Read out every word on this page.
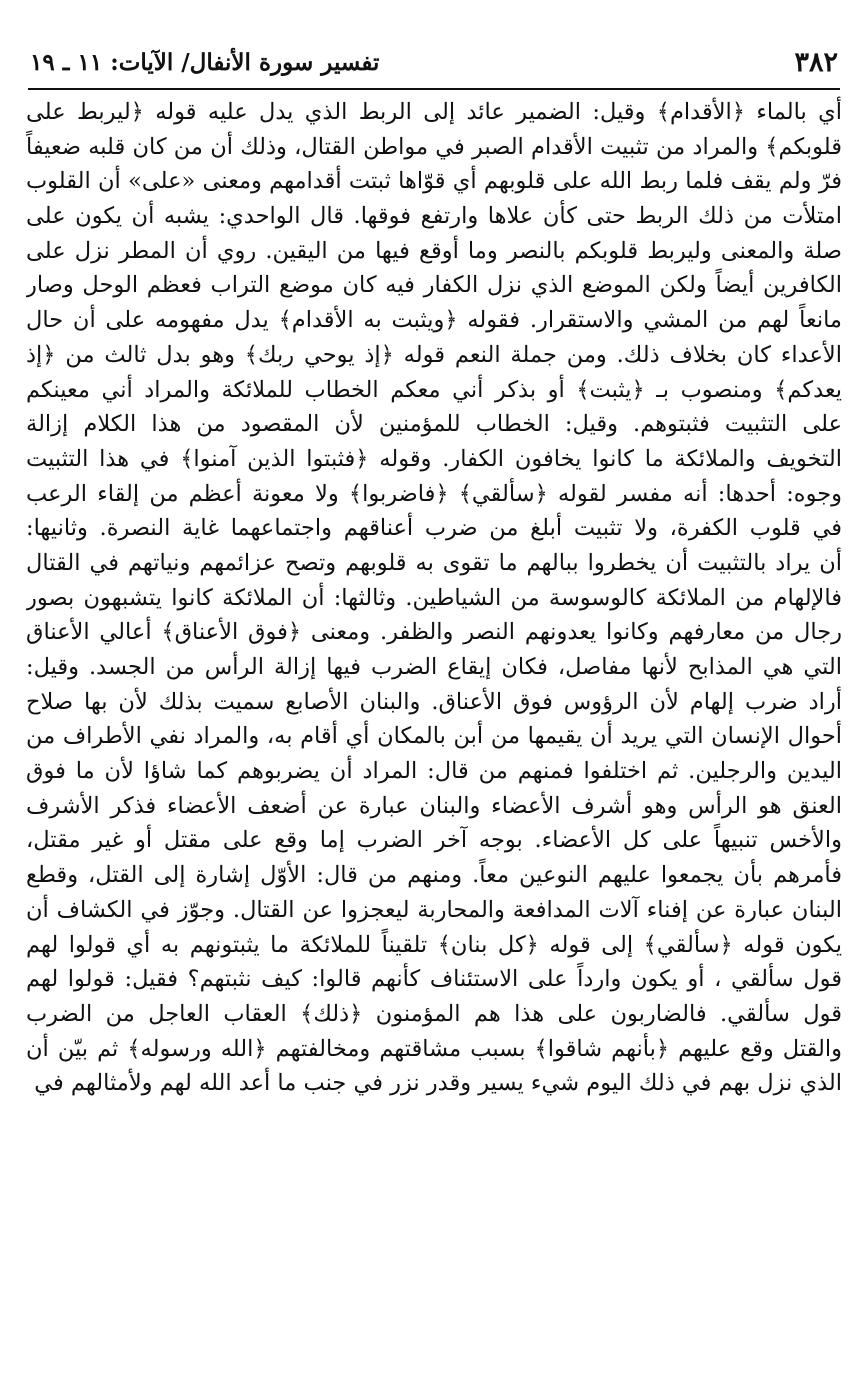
٣٨٢
تفسير سورة الأنفال/ الآيات: ١١ ـ ١٩
أي بالماء ﴿الأقدام﴾ وقيل: الضمير عائد إلى الربط الذي يدل عليه قوله ﴿ليربط على
قلوبكم﴾ والمراد من تثبيت الأقدام الصبر في مواطن القتال، وذلك أن من كان قلبه ضعيفاً
فرّ ولم يقف فلما ربط الله على قلوبهم أي قوّاها ثبتت أقدامهم ومعنى «على» أن القلوب
امتلأت من ذلك الربط حتى كأن علاها وارتفع فوقها. قال الواحدي: يشبه أن يكون على
صلة والمعنى وليربط قلوبكم بالنصر وما أوقع فيها من اليقين. روي أن المطر نزل على
الكافرين أيضاً ولكن الموضع الذي نزل الكفار فيه كان موضع التراب فعظم الوحل وصار
مانعاً لهم من المشي والاستقرار. فقوله ﴿ويثبت به الأقدام﴾ يدل مفهومه على أن حال
الأعداء كان بخلاف ذلك. ومن جملة النعم قوله ﴿إذ يوحي ربك﴾ وهو بدل ثالث من ﴿إذ
يعدكم﴾ ومنصوب بـ ﴿يثبت﴾ أو بذكر أني معكم الخطاب للملائكة والمراد أني معينكم
على التثبيت فثبتوهم. وقيل: الخطاب للمؤمنين لأن المقصود من هذا الكلام إزالة
التخويف والملائكة ما كانوا يخافون الكفار. وقوله ﴿فثبتوا الذين آمنوا﴾ في هذا التثبيت
وجوه: أحدها: أنه مفسر لقوله ﴿سألقي﴾ ﴿فاضربوا﴾ ولا معونة أعظم من إلقاء الرعب
في قلوب الكفرة، ولا تثبيت أبلغ من ضرب أعناقهم واجتماعهما غاية النصرة. وثانيها:
أن يراد بالتثبيت أن يخطروا ببالهم ما تقوى به قلوبهم وتصح عزائمهم ونياتهم في القتال
فالإلهام من الملائكة كالوسوسة من الشياطين. وثالثها: أن الملائكة كانوا يتشبهون بصور
رجال من معارفهم وكانوا يعدونهم النصر والظفر. ومعنى ﴿فوق الأعناق﴾ أعالي الأعناق
التي هي المذابح لأنها مفاصل، فكان إيقاع الضرب فيها إزالة الرأس من الجسد. وقيل:
أراد ضرب إلهام لأن الرؤوس فوق الأعناق. والبنان الأصابع سميت بذلك لأن بها صلاح
أحوال الإنسان التي يريد أن يقيمها من أبن بالمكان أي أقام به، والمراد نفي الأطراف من
اليدين والرجلين. ثم اختلفوا فمنهم من قال: المراد أن يضربوهم كما شاؤا لأن ما فوق
العنق هو الرأس وهو أشرف الأعضاء والبنان عبارة عن أضعف الأعضاء فذكر الأشرف
والأخس تنبيهاً على كل الأعضاء. بوجه آخر الضرب إما وقع على مقتل أو غير مقتل،
فأمرهم بأن يجمعوا عليهم النوعين معاً. ومنهم من قال: الأوّل إشارة إلى القتل، وقطع
البنان عبارة عن إفناء آلات المدافعة والمحاربة ليعجزوا عن القتال. وجوّز في الكشاف أن
يكون قوله ﴿سألقي﴾ إلى قوله ﴿كل بنان﴾ تلقيناً للملائكة ما يثبتونهم به أي قولوا لهم
قول سألقي ، أو يكون وارداً على الاستئناف كأنهم قالوا: كيف نثبتهم؟ فقيل: قولوا لهم
قول سألقي. فالضاربون على هذا هم المؤمنون ﴿ذلك﴾ العقاب العاجل من الضرب
والقتل وقع عليهم ﴿بأنهم شاقوا﴾ بسبب مشاقتهم ومخالفتهم ﴿الله ورسوله﴾ ثم بيّن أن
الذي نزل بهم في ذلك اليوم شيء يسير وقدر نزر في جنب ما أعد الله لهم ولأمثالهم في
